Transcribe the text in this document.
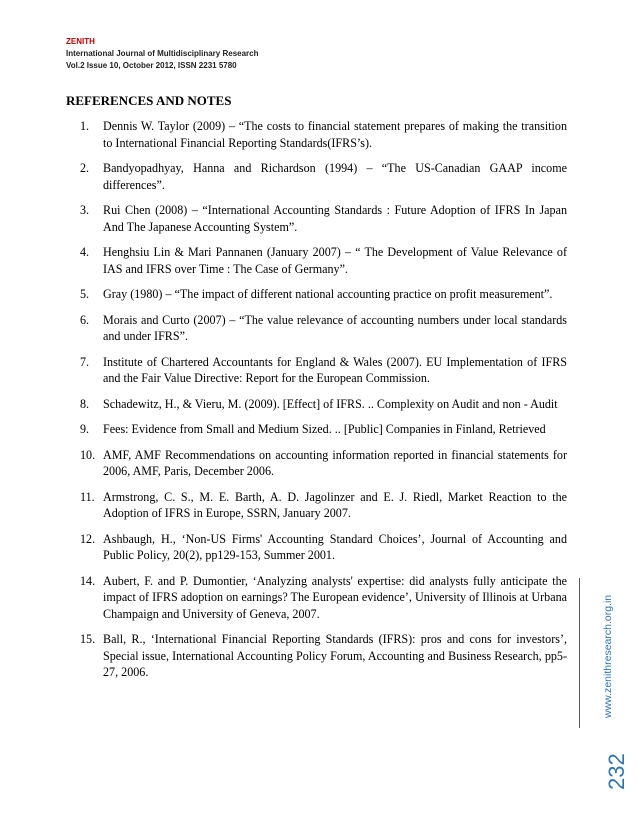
ZENITH
International Journal of Multidisciplinary Research
Vol.2 Issue 10, October 2012, ISSN 2231 5780
REFERENCES AND NOTES
1. Dennis W. Taylor (2009) – “The costs to financial statement prepares of making the transition to International Financial Reporting Standards(IFRS’s).
2. Bandyopadhyay, Hanna and Richardson (1994) – “The US-Canadian GAAP income differences”.
3. Rui Chen (2008) – “International Accounting Standards : Future Adoption of IFRS In Japan And The Japanese Accounting System”.
4. Henghsiu Lin & Mari Pannanen (January 2007) – “ The Development of Value Relevance of IAS and IFRS over Time : The Case of Germany”.
5. Gray (1980) – “The impact of different national accounting practice on profit measurement”.
6. Morais and Curto (2007) – “The value relevance of accounting numbers under local standards and under IFRS”.
7. Institute of Chartered Accountants for England & Wales (2007). EU Implementation of IFRS and the Fair Value Directive: Report for the European Commission.
8. Schadewitz, H., & Vieru, M. (2009). [Effect] of IFRS. .. Complexity on Audit and non - Audit
9. Fees: Evidence from Small and Medium Sized. .. [Public] Companies in Finland, Retrieved
10. AMF, AMF Recommendations on accounting information reported in financial statements for 2006, AMF, Paris, December 2006.
11. Armstrong, C. S., M. E. Barth, A. D. Jagolinzer and E. J. Riedl, Market Reaction to the Adoption of IFRS in Europe, SSRN, January 2007.
12. Ashbaugh, H., ‘Non-US Firms' Accounting Standard Choices’, Journal of Accounting and Public Policy, 20(2), pp129-153, Summer 2001.
14. Aubert, F. and P. Dumontier, ‘Analyzing analysts' expertise: did analysts fully anticipate the impact of IFRS adoption on earnings? The European evidence’, University of Illinois at Urbana Champaign and University of Geneva, 2007.
15. Ball, R., ‘International Financial Reporting Standards (IFRS): pros and cons for investors’, Special issue, International Accounting Policy Forum, Accounting and Business Research, pp5-27, 2006.	www.zenithresearch.org.in
232
